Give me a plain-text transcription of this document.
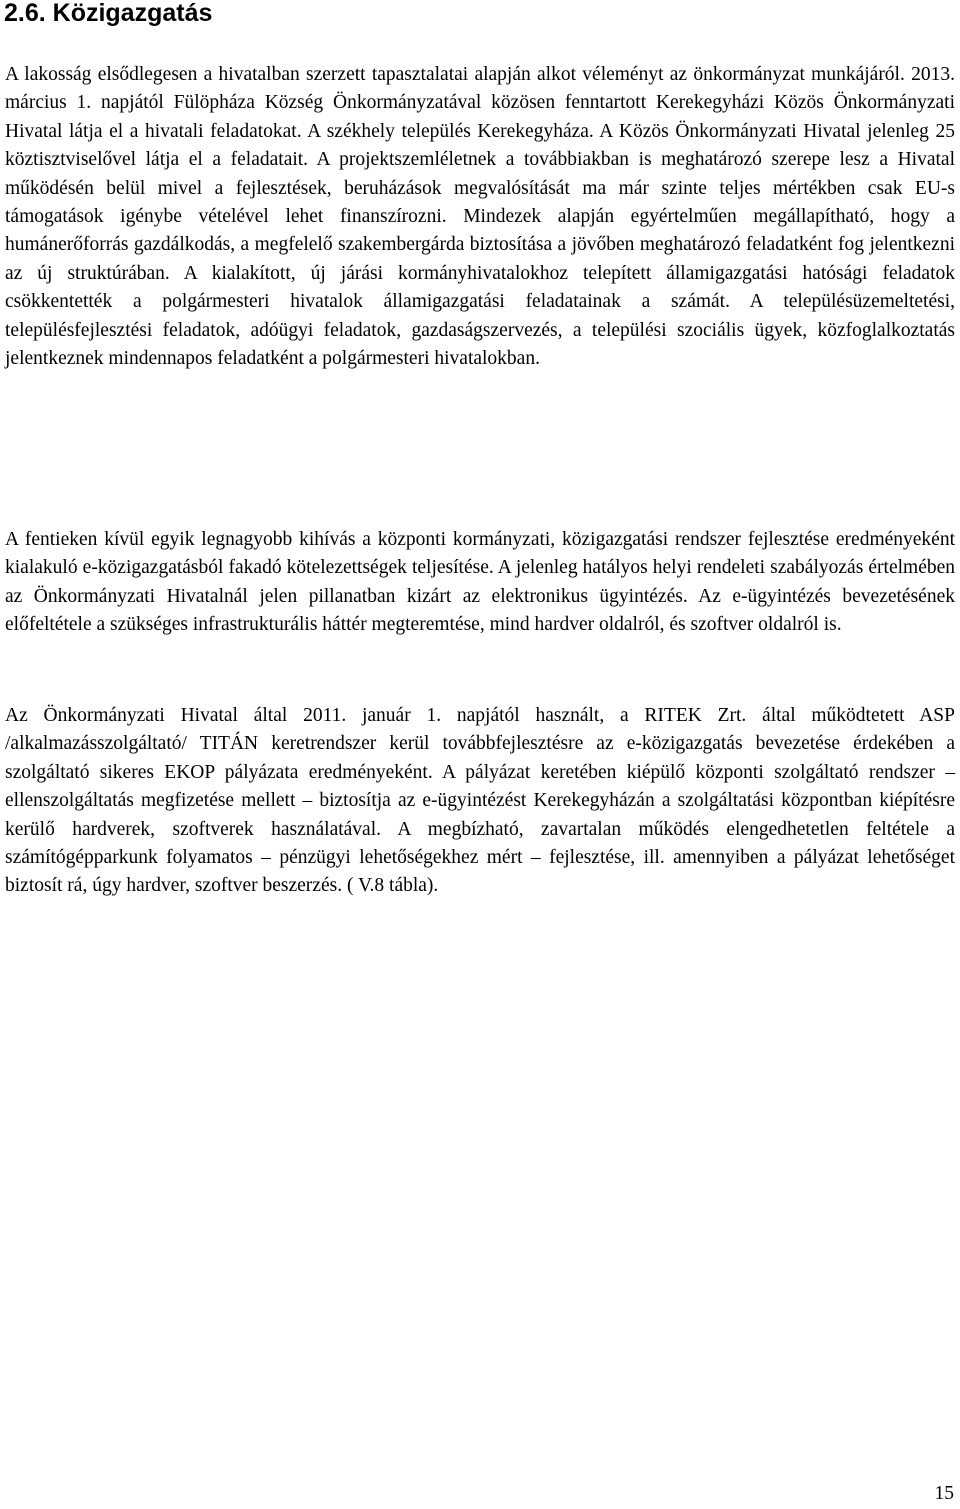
2.6. Közigazgatás

A lakosság elsődlegesen a hivatalban szerzett tapasztalatai alapján alkot véleményt az önkormányzat munkájáról. 2013. március 1. napjától Fülöpháza Község Önkormányzatával közösen fenntartott Kerekegyházi Közös Önkormányzati Hivatal látja el a hivatali feladatokat. A székhely település Kerekegyháza. A Közös Önkormányzati Hivatal jelenleg 25 köztisztviselővel látja el a feladatait. A projektszemléletnek a továbbiakban is meghatározó szerepe lesz a Hivatal működésén belül mivel a fejlesztések, beruházások megvalósítását ma már szinte teljes mértékben csak EU-s támogatások igénybe vételével lehet finanszírozni. Mindezek alapján egyértelműen megállapítható, hogy a humánerőforrás gazdálkodás, a megfelelő szakembergárda biztosítása a jövőben meghatározó feladatként fog jelentkezni az új struktúrában. A kialakított, új járási kormányhivatalokhoz telepített államigazgatási hatósági feladatok csökkentették a polgármesteri hivatalok államigazgatási feladatainak a számát. A településüzemeltetési, településfejlesztési feladatok, adóügyi feladatok, gazdaságszervezés, a települési szociális ügyek, közfoglalkoztatás jelentkeznek mindennapos feladatként a polgármesteri hivatalokban.

A fentieken kívül egyik legnagyobb kihívás a központi kormányzati, közigazgatási rendszer fejlesztése eredményeként kialakuló e-közigazgatásból fakadó kötelezettségek teljesítése. A jelenleg hatályos helyi rendeleti szabályozás értelmében az Önkormányzati Hivatalnál jelen pillanatban kizárt az elektronikus ügyintézés. Az e-ügyintézés bevezetésének előfeltétele a szükséges infrastrukturális háttér megteremtése, mind hardver oldalról, és szoftver oldalról is.

Az Önkormányzati Hivatal által 2011. január 1. napjától használt, a RITEK Zrt. által működtetett ASP /alkalmazásszolgáltató/ TITÁN keretrendszer kerül továbbfejlesztésre az e-közigazgatás bevezetése érdekében a szolgáltató sikeres EKOP pályázata eredményeként. A pályázat keretében kiépülő központi szolgáltató rendszer – ellenszolgáltatás megfizetése mellett – biztosítja az e-ügyintézést Kerekegyházán a szolgáltatási központban kiépítésre kerülő hardverek, szoftverek használatával. A megbízható, zavartalan működés elengedhetetlen feltétele a számítógépparkunk folyamatos – pénzügyi lehetőségekhez mért – fejlesztése, ill. amennyiben a pályázat lehetőséget biztosít rá, úgy hardver, szoftver beszerzés. ( V.8 tábla).

15
